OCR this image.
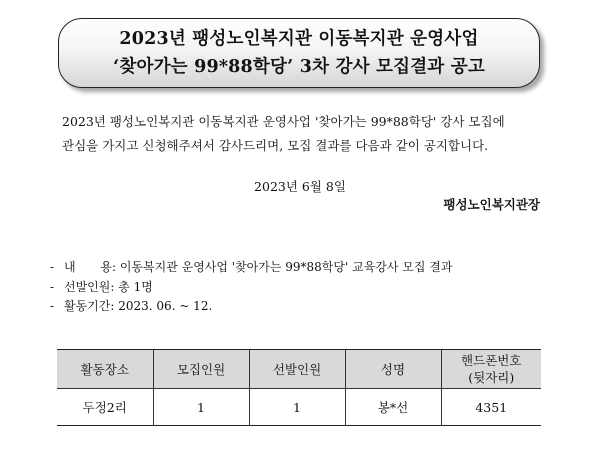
2023년 팽성노인복지관 이동복지관 운영사업
‘찾아가는 99*88학당’ 3차 강사 모집결과 공고
2023년 팽성노인복지관 이동복지관 운영사업 '찾아가는 99*88학당' 강사 모집에
관심을 가지고 신청해주셔서 감사드리며, 모집 결과를 다음과 같이 공지합니다.
2023년 6월 8일
팽성노인복지관장
- 내 용: 이동복지관 운영사업 '찾아가는 99*88학당' 교육강사 모집 결과
- 선발인원: 총 1명
- 활동기간: 2023. 06. ~ 12.
활동장소	모집인원	선발인원	성명	핸드폰번호
(뒷자리)

두정2리	1	1	봉*선	4351
